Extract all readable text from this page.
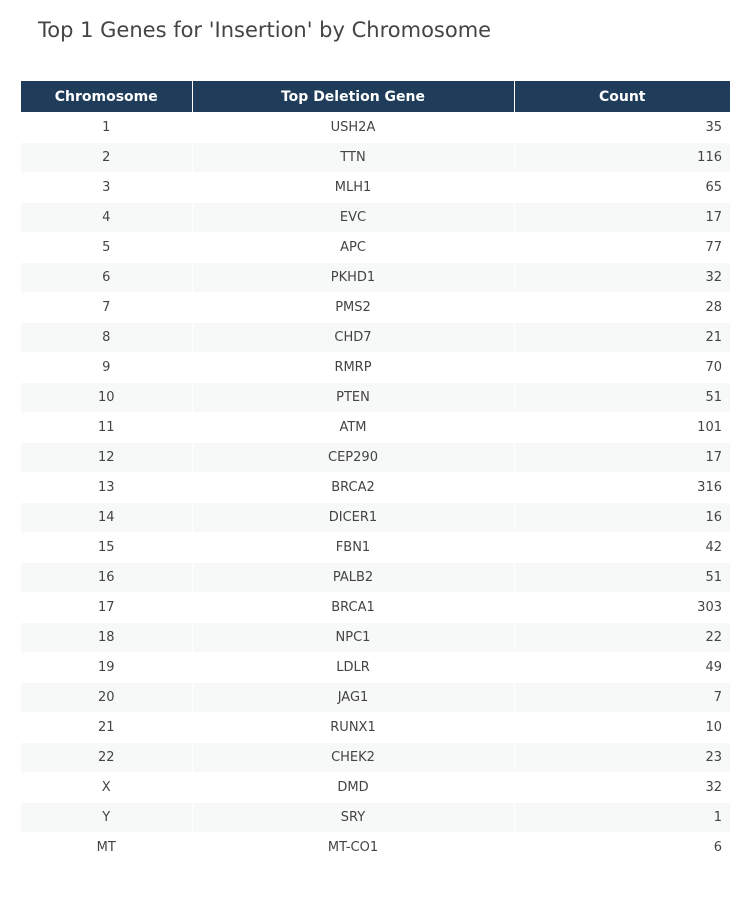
Top 1 Genes for 'Insertion' by Chromosome
Chromosome	Top Deletion Gene	Count
1	USH2A	35
2	TTN	116
3	MLH1	65
4	EVC	17
5	APC	77
6	PKHD1	32
7	PMS2	28
8	CHD7	21
9	RMRP	70
10	PTEN	51
11	ATM	101
12	CEP290	17
13	BRCA2	316
14	DICER1	16
15	FBN1	42
16	PALB2	51
17	BRCA1	303
18	NPC1	22
19	LDLR	49
20	JAG1	7
21	RUNX1	10
22	CHEK2	23
X	DMD	32
Y	SRY	1
MT	MT-CO1	6
